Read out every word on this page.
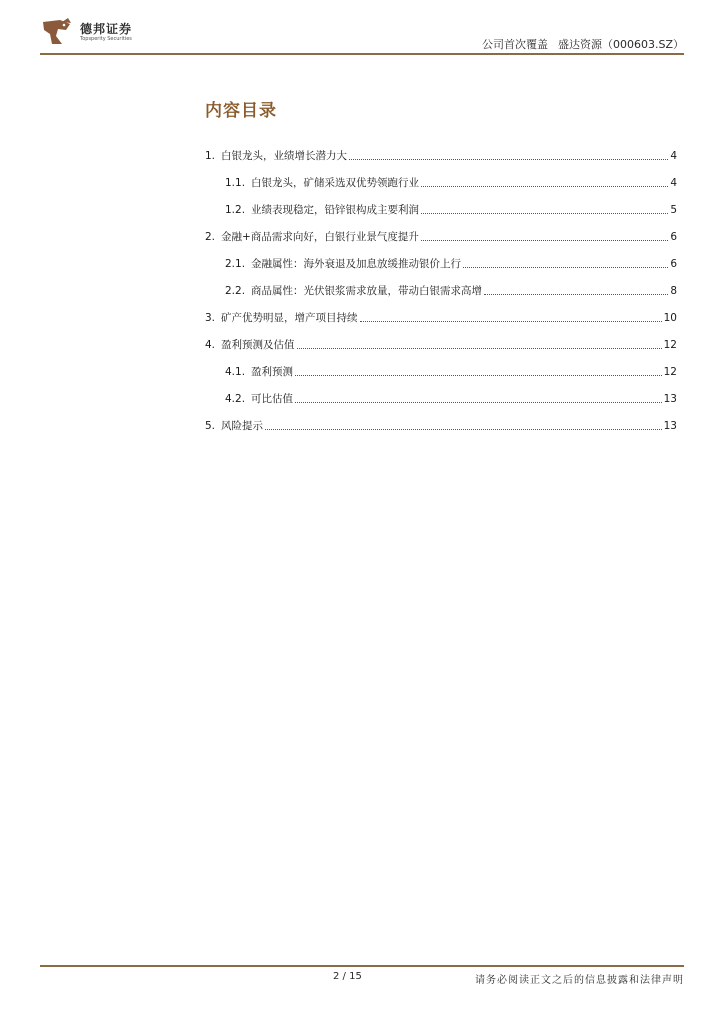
德邦证券
Topsperity Securities	公司首次覆盖 盛达资源（000603.SZ）
内容目录
1. 白银龙头，业绩增长潜力大	4
1.1. 白银龙头，矿储采选双优势领跑行业	4
1.2. 业绩表现稳定，铅锌银构成主要利润	5
2. 金融+商品需求向好，白银行业景气度提升	6
2.1. 金融属性：海外衰退及加息放缓推动银价上行	6
2.2. 商品属性：光伏银浆需求放量，带动白银需求高增	8
3. 矿产优势明显，增产项目持续	10
4. 盈利预测及估值	12
4.1. 盈利预测	12
4.2. 可比估值	13
5. 风险提示	13
2 / 15	请务必阅读正文之后的信息披露和法律声明
